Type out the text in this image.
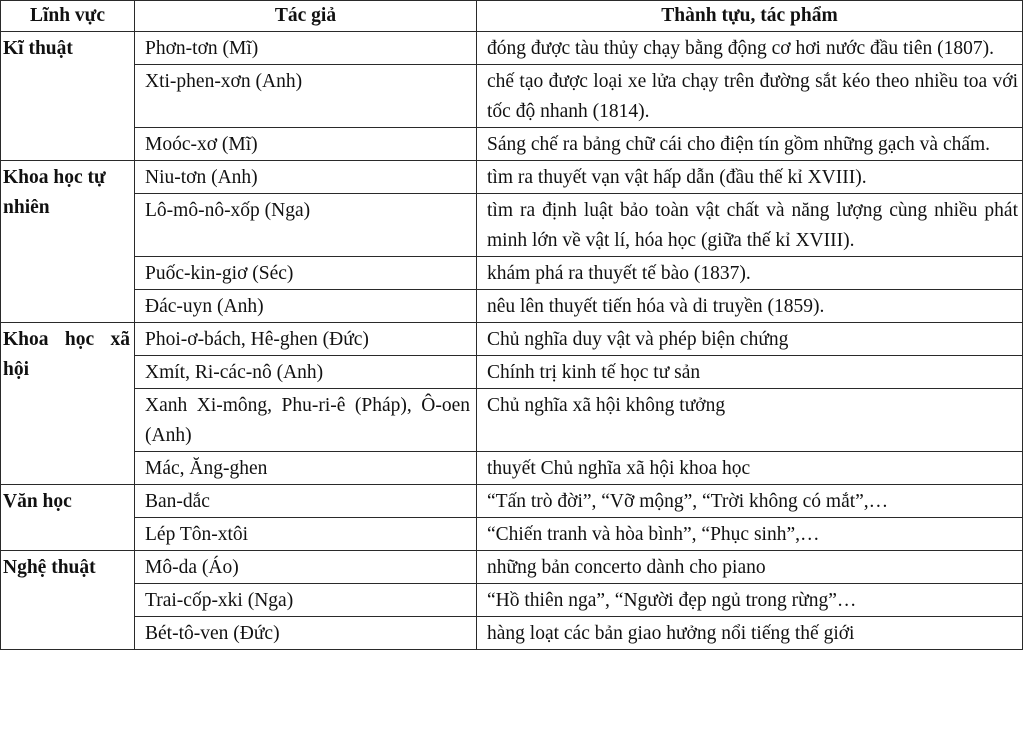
Lĩnh vực	Tác giả	Thành tựu, tác phẩm
Kĩ thuật	Phơn-tơn (Mĩ)	đóng được tàu thủy chạy bằng động cơ hơi nước đầu tiên (1807).
	Xti-phen-xơn (Anh)	chế tạo được loại xe lửa chạy trên đường sắt kéo theo nhiều toa với tốc độ nhanh (1814).
	Moóc-xơ (Mĩ)	Sáng chế ra bảng chữ cái cho điện tín gồm những gạch và chấm.
Khoa học tự nhiên	Niu-tơn (Anh)	tìm ra thuyết vạn vật hấp dẫn (đầu thế kỉ XVIII).
	Lô-mô-nô-xốp (Nga)	tìm ra định luật bảo toàn vật chất và năng lượng cùng nhiều phát minh lớn về vật lí, hóa học (giữa thế kỉ XVIII).
	Puốc-kin-giơ (Séc)	khám phá ra thuyết tế bào (1837).
	Đác-uyn (Anh)	nêu lên thuyết tiến hóa và di truyền (1859).
Khoa học xã hội	Phoi-ơ-bách, Hê-ghen (Đức)	Chủ nghĩa duy vật và phép biện chứng
	Xmít, Ri-các-nô (Anh)	Chính trị kinh tế học tư sản
	Xanh Xi-mông, Phu-ri-ê (Pháp), Ô-oen (Anh)	Chủ nghĩa xã hội không tưởng
	Mác, Ăng-ghen	thuyết Chủ nghĩa xã hội khoa học
Văn học	Ban-dắc	“Tấn trò đời”, “Vỡ mộng”, “Trời không có mắt”,…
	Lép Tôn-xtôi	“Chiến tranh và hòa bình”, “Phục sinh”,…
Nghệ thuật	Mô-da (Áo)	những bản concerto dành cho piano
	Trai-cốp-xki (Nga)	“Hồ thiên nga”, “Người đẹp ngủ trong rừng”…
	Bét-tô-ven (Đức)	hàng loạt các bản giao hưởng nổi tiếng thế giới
